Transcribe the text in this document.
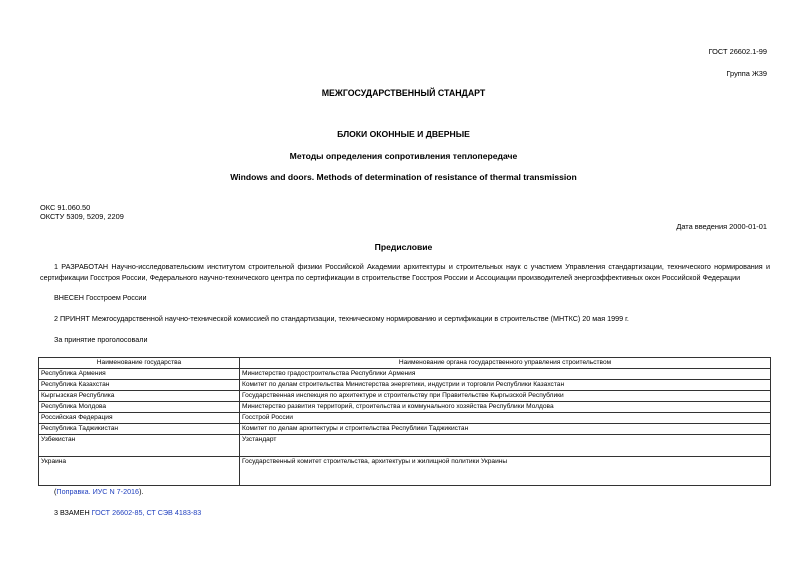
ГОСТ 26602.1-99
Группа Ж39
МЕЖГОСУДАРСТВЕННЫЙ СТАНДАРТ
БЛОКИ ОКОННЫЕ И ДВЕРНЫЕ
Методы определения сопротивления теплопередаче
Windows and doors. Methods of determination of resistance of thermal transmission
ОКС 91.060.50
ОКСТУ 5309, 5209, 2209
Дата введения 2000-01-01
Предисловие
1 РАЗРАБОТАН Научно-исследовательским институтом строительной физики Российской Академии архитектуры и строительных наук с участием Управления стандартизации, технического нормирования и сертификации Госстроя России, Федерального научно-технического центра по сертификации в строительстве Госстроя России и Ассоциации производителей энергоэффективных окон Российской Федерации
ВНЕСЕН Госстроем России
2 ПРИНЯТ Межгосударственной научно-технической комиссией по стандартизации, техническому нормированию и сертификации в строительстве (МНТКС) 20 мая 1999 г.
За принятие проголосовали
Наименование государства	Наименование органа государственного управления строительством
Республика Армения	Министерство градостроительства Республики Армения
Республика Казахстан	Комитет по делам строительства Министерства энергетики, индустрии и торговли Республики Казахстан
Кыргызская Республика	Государственная инспекция по архитектуре и строительству при Правительстве Кыргызской Республики
Республика Молдова	Министерство развития территорий, строительства и коммунального хозяйства Республики Молдова
Российская Федерация	Госстрой России
Республика Таджикистан	Комитет по делам архитектуры и строительства Республики Таджикистан
Узбекистан	Узстандарт
Украина	Государственный комитет строительства, архитектуры и жилищной политики Украины
(Поправка. ИУС N 7-2016).
3 ВЗАМЕН ГОСТ 26602-85, СТ СЭВ 4183-83
